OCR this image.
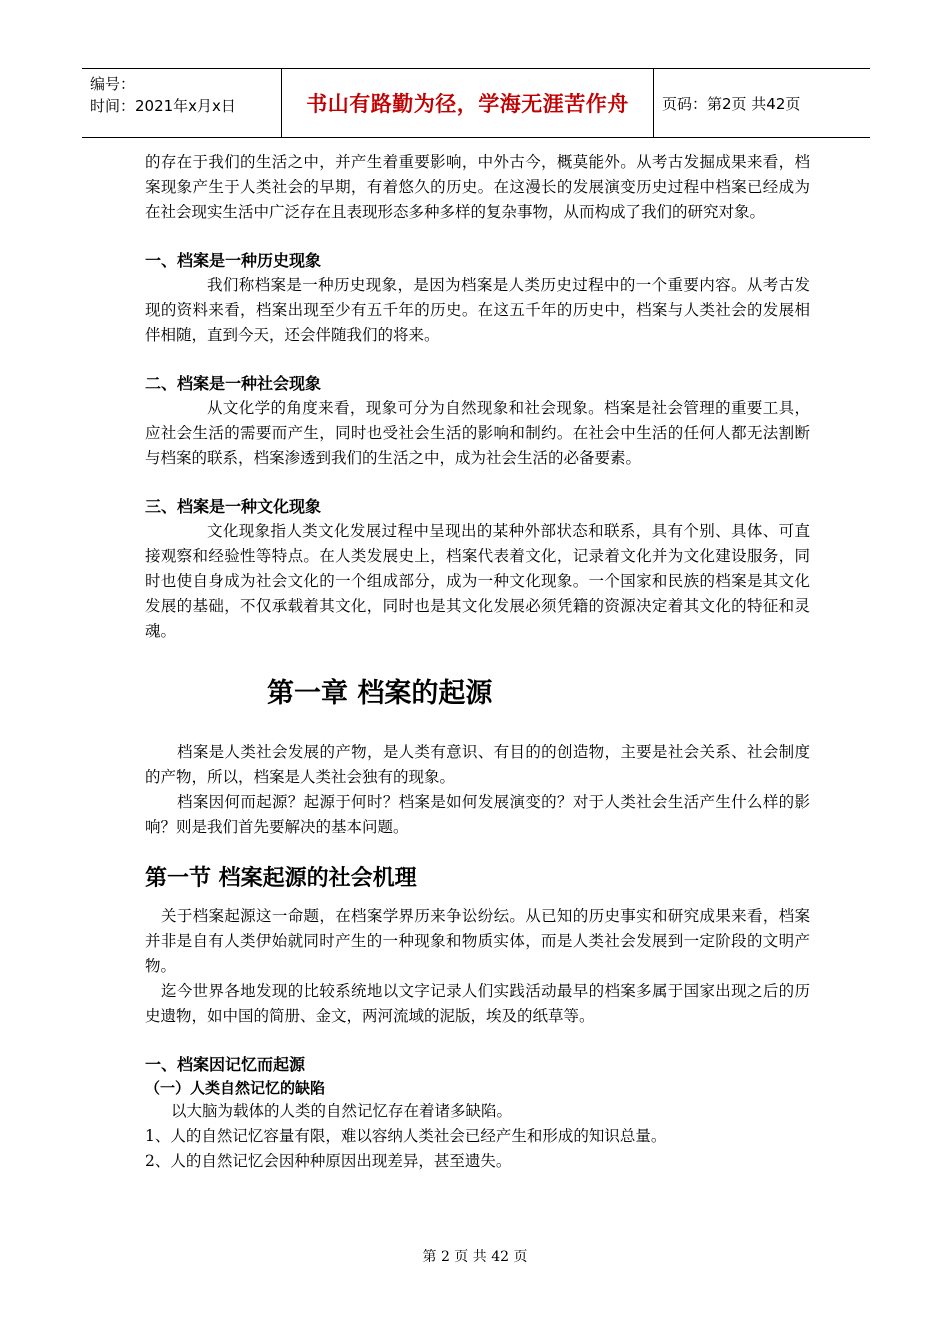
编号：
时间：2021年x月x日	书山有路勤为径，学海无涯苦作舟	页码：第2页 共42页

的存在于我们的生活之中，并产生着重要影响，中外古今，概莫能外。从考古发掘成果来看，档案现象产生于人类社会的早期，有着悠久的历史。在这漫长的发展演变历史过程中档案已经成为在社会现实生活中广泛存在且表现形态多种多样的复杂事物，从而构成了我们的研究对象。

一、档案是一种历史现象

我们称档案是一种历史现象，是因为档案是人类历史过程中的一个重要内容。从考古发现的资料来看，档案出现至少有五千年的历史。在这五千年的历史中，档案与人类社会的发展相伴相随，直到今天，还会伴随我们的将来。

二、档案是一种社会现象

从文化学的角度来看，现象可分为自然现象和社会现象。档案是社会管理的重要工具，应社会生活的需要而产生，同时也受社会生活的影响和制约。在社会中生活的任何人都无法割断与档案的联系，档案渗透到我们的生活之中，成为社会生活的必备要素。

三、档案是一种文化现象

文化现象指人类文化发展过程中呈现出的某种外部状态和联系，具有个别、具体、可直接观察和经验性等特点。在人类发展史上，档案代表着文化，记录着文化并为文化建设服务，同时也使自身成为社会文化的一个组成部分，成为一种文化现象。一个国家和民族的档案是其文化发展的基础，不仅承载着其文化，同时也是其文化发展必须凭籍的资源决定着其文化的特征和灵魂。

第一章 档案的起源

档案是人类社会发展的产物，是人类有意识、有目的的创造物，主要是社会关系、社会制度的产物，所以，档案是人类社会独有的现象。

档案因何而起源？起源于何时？档案是如何发展演变的？对于人类社会生活产生什么样的影响？则是我们首先要解决的基本问题。

第一节 档案起源的社会机理

关于档案起源这一命题，在档案学界历来争讼纷纭。从已知的历史事实和研究成果来看，档案并非是自有人类伊始就同时产生的一种现象和物质实体，而是人类社会发展到一定阶段的文明产物。

迄今世界各地发现的比较系统地以文字记录人们实践活动最早的档案多属于国家出现之后的历史遗物，如中国的简册、金文，两河流域的泥版，埃及的纸草等。

一、档案因记忆而起源
（一）人类自然记忆的缺陷

以大脑为载体的人类的自然记忆存在着诸多缺陷。

1、人的自然记忆容量有限，难以容纳人类社会已经产生和形成的知识总量。

2、人的自然记忆会因种种原因出现差异，甚至遗失。

第 2 页 共 42 页
